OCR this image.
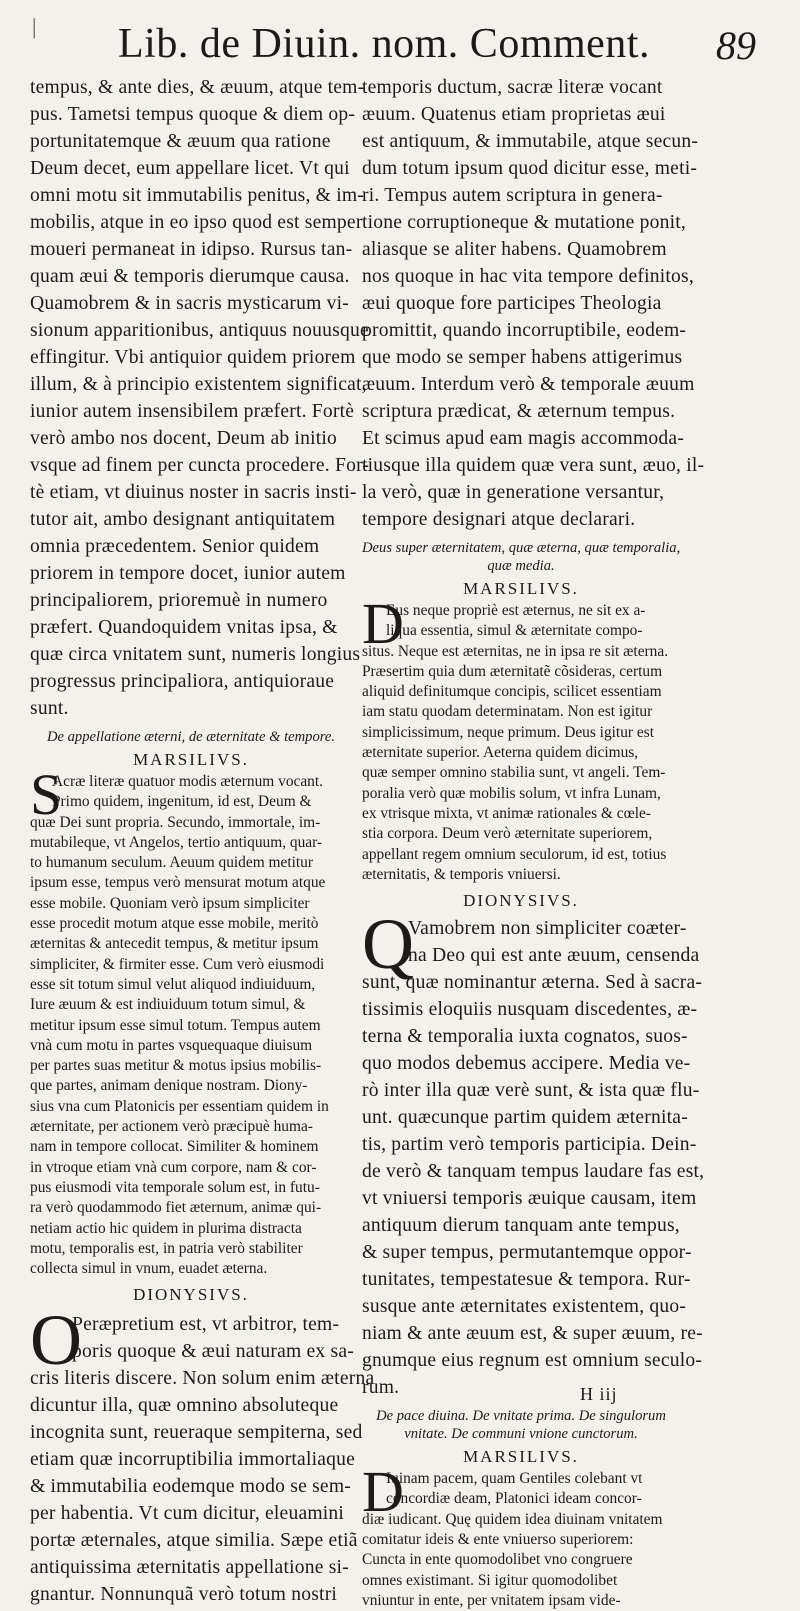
| Lib. de Diuin. nom. Comment. 89
tempus, & ante dies, & æuum, atque tem-
pus. Tametsi tempus quoque & diem op-
portunitatemque & æuum qua ratione
Deum decet, eum appellare licet. Vt qui
omni motu sit immutabilis penitus, & im-
mobilis, atque in eo ipso quod est semper
moueri permaneat in idipso. Rursus tan-
quam æui & temporis dierumque causa.
Quamobrem & in sacris mysticarum vi-
sionum apparitionibus, antiquus nouusque
effingitur. Vbi antiquior quidem priorem
illum, & à principio existentem significat,
iunior autem insensibilem præfert. Fortè
verò ambo nos docent, Deum ab initio
vsque ad finem per cuncta procedere. For-
tè etiam, vt diuinus noster in sacris insti-
tutor ait, ambo designant antiquitatem
omnia præcedentem. Senior quidem
priorem in tempore docet, iunior autem
principaliorem, prioremuè in numero
præfert. Quandoquidem vnitas ipsa, &
quæ circa vnitatem sunt, numeris longius
progressus principaliora, antiquioraue
sunt.
De appellatione æterni, de æternitate & tempore.
MARSILIVS.
S
Acræ literæ quatuor modis æternum vocant.
Primo quidem, ingenitum, id est, Deum &
quæ Dei sunt propria. Secundo, immortale, im-
mutabileque, vt Angelos, tertio antiquum, quar-
to humanum seculum. Aeuum quidem metitur
ipsum esse, tempus verò mensurat motum atque
esse mobile. Quoniam verò ipsum simpliciter
esse procedit motum atque esse mobile, meritò
æternitas & antecedit tempus, & metitur ipsum
simpliciter, & firmiter esse. Cum verò eiusmodi
esse sit totum simul velut aliquod indiuiduum,
Iure æuum & est indiuiduum totum simul, &
metitur ipsum esse simul totum. Tempus autem
vnà cum motu in partes vsquequaque diuisum
per partes suas metitur & motus ipsius mobilis-
que partes, animam denique nostram. Diony-
sius vna cum Platonicis per essentiam quidem in
æternitate, per actionem verò præcipuè huma-
nam in tempore collocat. Similiter & hominem
in vtroque etiam vnà cum corpore, nam & cor-
pus eiusmodi vita temporale solum est, in futu-
ra verò quodammodo fiet æternum, animæ qui-
netiam actio hic quidem in plurima distracta
motu, temporalis est, in patria verò stabiliter
collecta simul in vnum, euadet æterna.
DIONYSIVS.
O
Peræpretium est, vt arbitror, tem-
poris quoque & æui naturam ex sa-
cris literis discere. Non solum enim æterna
dicuntur illa, quæ omnino absoluteque
incognita sunt, reueraque sempiterna, sed
etiam quæ incorruptibilia immortaliaque
& immutabilia eodemque modo se sem-
per habentia. Vt cum dicitur, eleuamini
portæ æternales, atque similia. Sæpe etiã
antiquissima æternitatis appellatione si-
gnantur. Nonnunquã verò totum nostri
temporis ductum, sacræ literæ vocant
æuum. Quatenus etiam proprietas æui
est antiquum, & immutabile, atque secun-
dum totum ipsum quod dicitur esse, meti-
ri. Tempus autem scriptura in genera-
tione corruptioneque & mutatione ponit,
aliasque se aliter habens. Quamobrem
nos quoque in hac vita tempore definitos,
æui quoque fore participes Theologia
promittit, quando incorruptibile, eodem-
que modo se semper habens attigerimus
æuum. Interdum verò & temporale æuum
scriptura prædicat, & æternum tempus.
Et scimus apud eam magis accommoda-
tiusque illa quidem quæ vera sunt, æuo, il-
la verò, quæ in generatione versantur,
tempore designari atque declarari.
Deus super æternitatem, quæ æterna, quæ temporalia,
quæ media.
MARSILIVS.
D
Eus neque propriè est æternus, ne sit ex a-
liqua essentia, simul & æternitate compo-
situs. Neque est æternitas, ne in ipsa re sit æterna.
Præsertim quia dum æternitatẽ cõsideras, certum
aliquid definitumque concipis, scilicet essentiam
iam statu quodam determinatam. Non est igitur
simplicissimum, neque primum. Deus igitur est
æternitate superior. Aeterna quidem dicimus,
quæ semper omnino stabilia sunt, vt angeli. Tem-
poralia verò quæ mobilis solum, vt infra Lunam,
ex vtrisque mixta, vt animæ rationales & cœle-
stia corpora. Deum verò æternitate superiorem,
appellant regem omnium seculorum, id est, totius
æternitatis, & temporis vniuersi.
DIONYSIVS.
Q
Vamobrem non simpliciter coæter-
na Deo qui est ante æuum, censenda
sunt, quæ nominantur æterna. Sed à sacra-
tissimis eloquiis nusquam discedentes, æ-
terna & temporalia iuxta cognatos, suos-
quo modos debemus accipere. Media ve-
rò inter illa quæ verè sunt, & ista quæ flu-
unt. quæcunque partim quidem æternita-
tis, partim verò temporis participia. Dein-
de verò & tanquam tempus laudare fas est,
vt vniuersi temporis æuique causam, item
antiquum dierum tanquam ante tempus,
& super tempus, permutantemque oppor-
tunitates, tempestatesue & tempora. Rur-
susque ante æternitates existentem, quo-
niam & ante æuum est, & super æuum, re-
gnumque eius regnum est omnium seculo-
rum.
De pace diuina. De vnitate prima. De singulorum
vnitate. De communi vnione cunctorum.
MARSILIVS.
D
Iuinam pacem, quam Gentiles colebant vt
concordiæ deam, Platonici ideam concor-
diæ iudicant. Quę quidem idea diuinam vnitatem
comitatur ideis & ente vniuerso superiorem:
Cuncta in ente quomodolibet vno congruere
omnes existimant. Si igitur quomodolibet
vniuntur in ente, per vnitatem ipsam vide-
H iij
